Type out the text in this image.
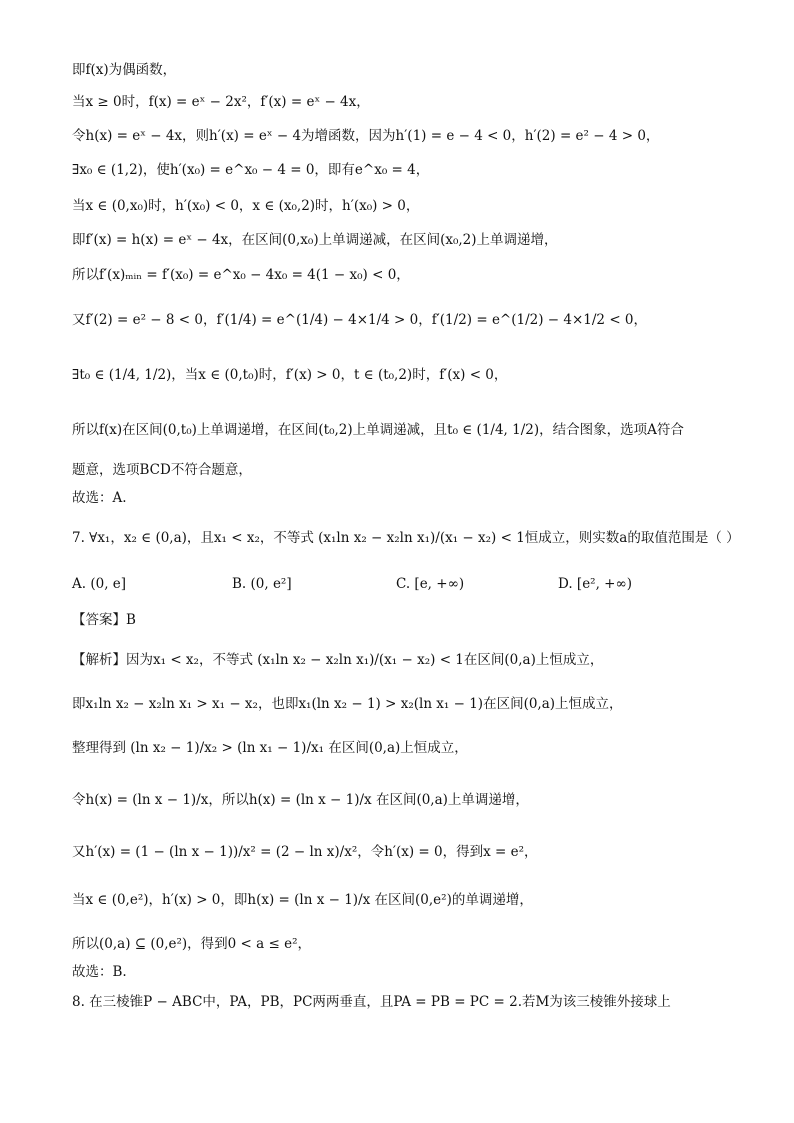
即f(x)为偶函数，
当x ≥ 0时，f(x) = eˣ − 2x²，f′(x) = eˣ − 4x，
令h(x) = eˣ − 4x，则h′(x) = eˣ − 4为增函数，因为h′(1) = e − 4 < 0，h′(2) = e² − 4 > 0，
∃x₀ ∈ (1,2)，使h′(x₀) = e^x₀ − 4 = 0，即有e^x₀ = 4，
当x ∈ (0,x₀)时，h′(x₀) < 0，x ∈ (x₀,2)时，h′(x₀) > 0，
即f′(x) = h(x) = eˣ − 4x，在区间(0,x₀)上单调递减，在区间(x₀,2)上单调递增，
所以f′(x)ₘᵢₙ = f′(x₀) = e^x₀ − 4x₀ = 4(1 − x₀) < 0，
又f′(2) = e² − 8 < 0，f′(1/4) = e^(1/4) − 4×1/4 > 0，f′(1/2) = e^(1/2) − 4×1/2 < 0，
∃t₀ ∈ (1/4, 1/2)，当x ∈ (0,t₀)时，f′(x) > 0，t ∈ (t₀,2)时，f′(x) < 0，
所以f(x)在区间(0,t₀)上单调递增，在区间(t₀,2)上单调递减，且t₀ ∈ (1/4, 1/2)，结合图象，选项A符合
题意，选项BCD不符合题意，
故选：A.
7. ∀x₁，x₂ ∈ (0,a)，且x₁ < x₂，不等式 (x₁ln x₂ − x₂ln x₁)/(x₁ − x₂) < 1恒成立，则实数a的取值范围是（ ）
A. (0, e]	B. (0, e²]	C. [e, +∞)	D. [e², +∞)
【答案】B
【解析】因为x₁ < x₂，不等式 (x₁ln x₂ − x₂ln x₁)/(x₁ − x₂) < 1在区间(0,a)上恒成立，
即x₁ln x₂ − x₂ln x₁ > x₁ − x₂，也即x₁(ln x₂ − 1) > x₂(ln x₁ − 1)在区间(0,a)上恒成立，
整理得到 (ln x₂ − 1)/x₂ > (ln x₁ − 1)/x₁ 在区间(0,a)上恒成立，
令h(x) = (ln x − 1)/x，所以h(x) = (ln x − 1)/x 在区间(0,a)上单调递增，
又h′(x) = (1 − (ln x − 1))/x² = (2 − ln x)/x²，令h′(x) = 0，得到x = e²，
当x ∈ (0,e²)，h′(x) > 0，即h(x) = (ln x − 1)/x 在区间(0,e²)的单调递增，
所以(0,a) ⊆ (0,e²)，得到0 < a ≤ e²，
故选：B.
8. 在三棱锥P − ABC中，PA，PB，PC两两垂直，且PA = PB = PC = 2.若M为该三棱锥外接球上
